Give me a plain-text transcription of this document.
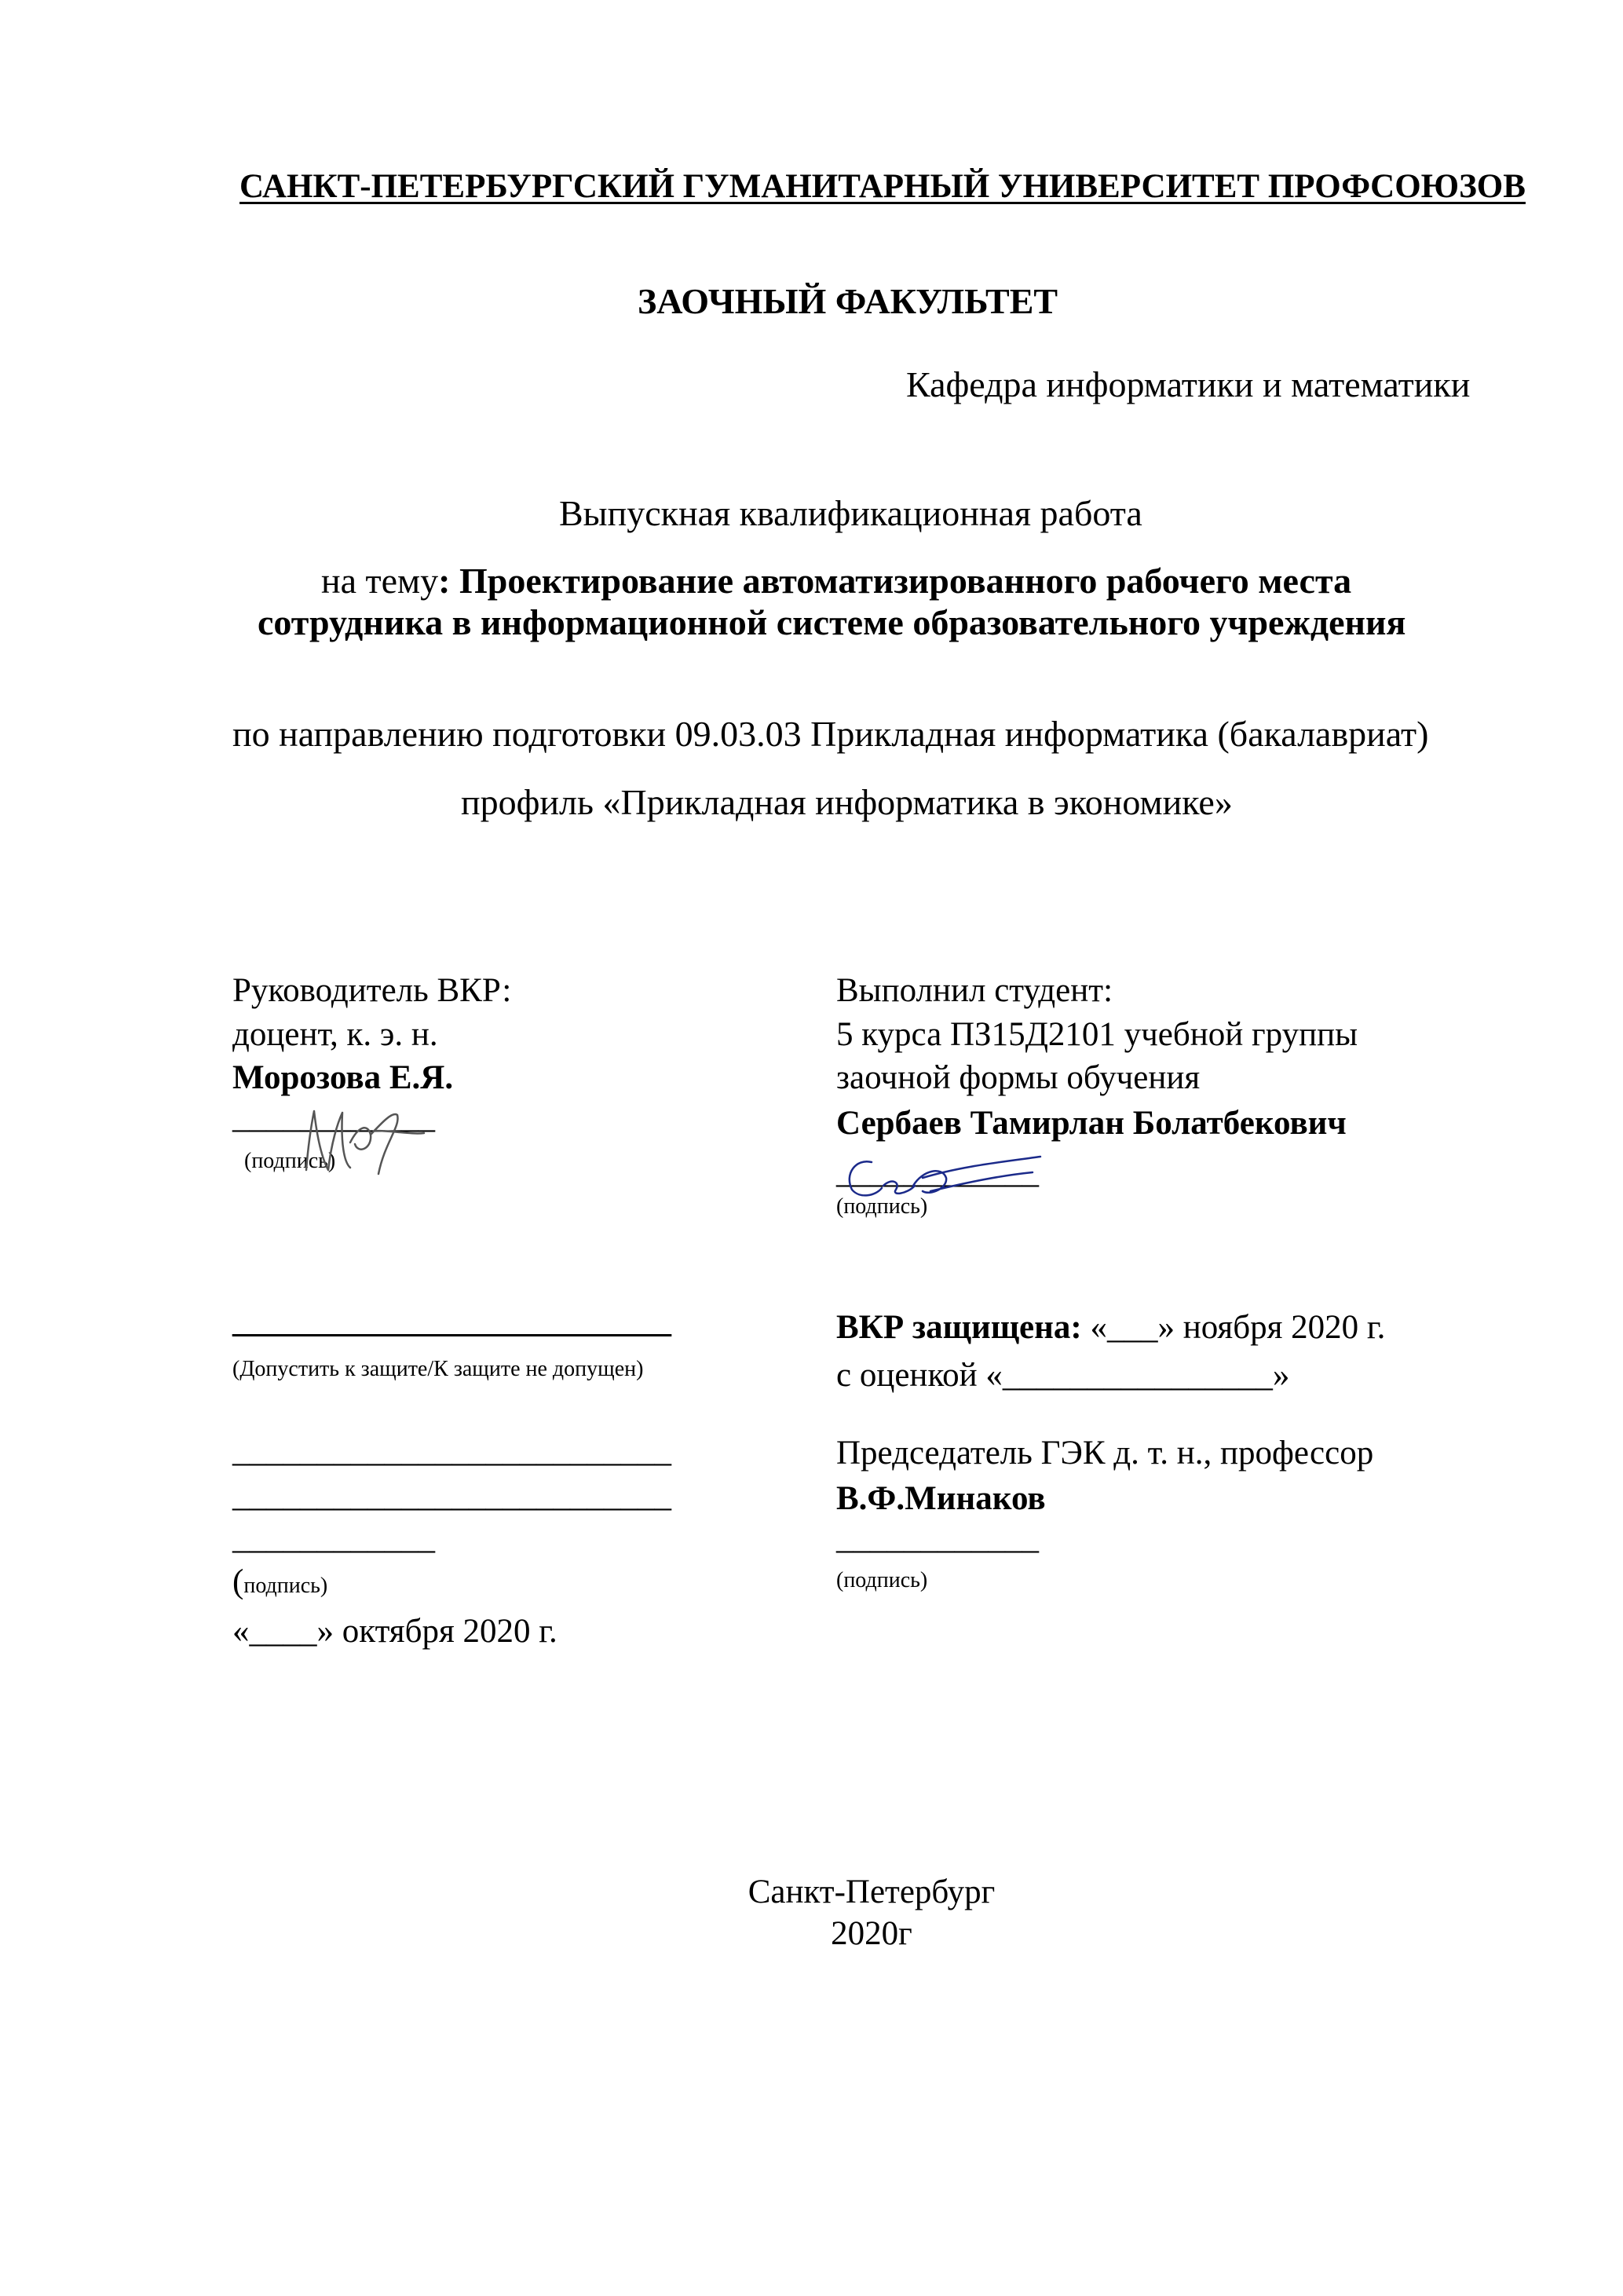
САНКТ-ПЕТЕРБУРГСКИЙ ГУМАНИТАРНЫЙ УНИВЕРСИТЕТ ПРОФСОЮЗОВ
ЗАОЧНЫЙ ФАКУЛЬТЕТ
Кафедра информатики и математики
Выпускная квалификационная работа
на тему: Проектирование автоматизированного рабочего места
сотрудника в информационной системе образовательного учреждения
по направлению подготовки 09.03.03 Прикладная информатика (бакалавриат)
профиль «Прикладная информатика в экономике»
Руководитель ВКР:
доцент, к. э. н.
Морозова Е.Я.
____________
(подпись)
Выполнил студент:
5 курса ПЗ15Д2101 учебной группы
заочной формы обучения
Сербаев Тамирлан Болатбекович
____________
(подпись)
__________________________
(Допустить к защите/К защите не допущен)
__________________________
__________________________
____________
(подпись)
«____» октября 2020 г.
ВКР защищена: «___» ноября 2020 г.
с оценкой «________________»
Председатель ГЭК д. т. н., профессор
В.Ф.Минаков
____________
(подпись)
Санкт-Петербург
2020г
